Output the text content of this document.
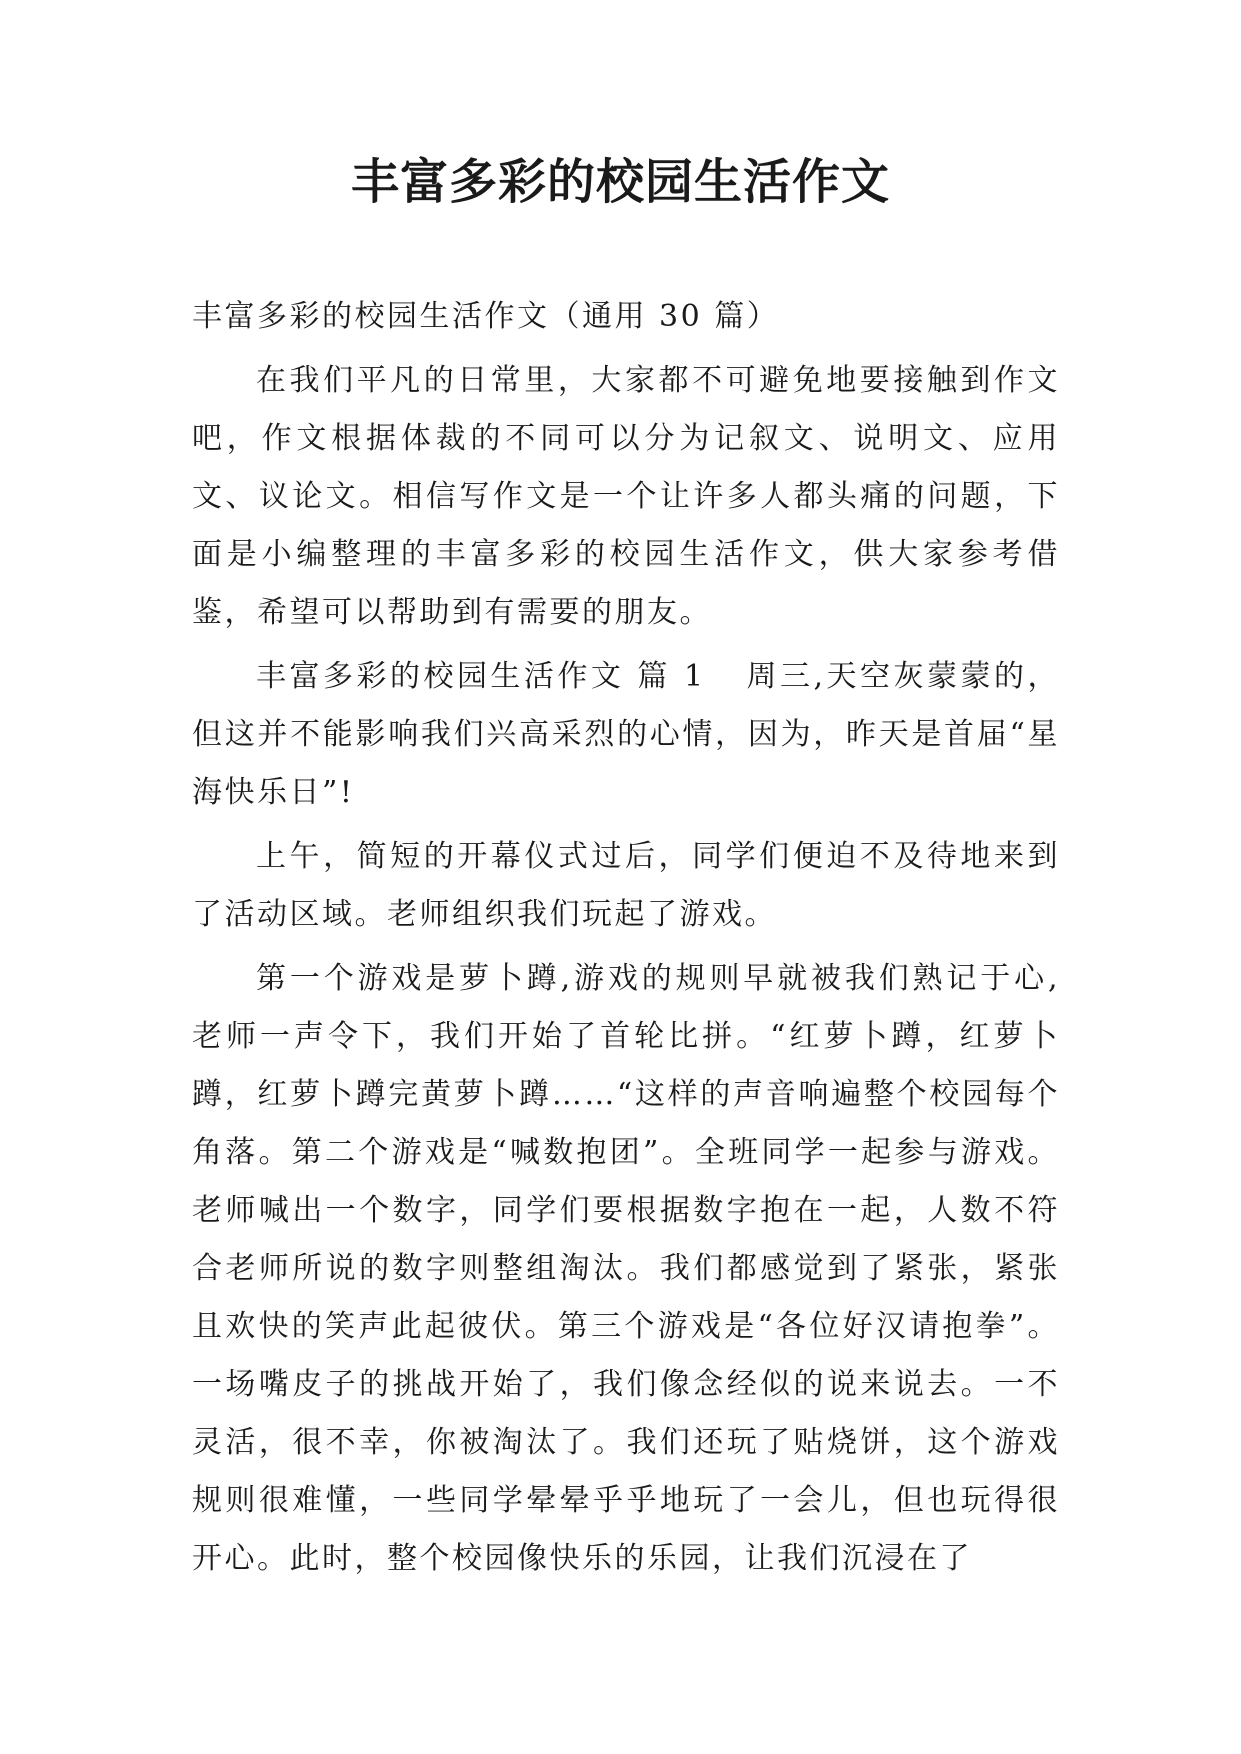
丰富多彩的校园生活作文

丰富多彩的校园生活作文（通用 30 篇）

在我们平凡的日常里，大家都不可避免地要接触到作文吧，作文根据体裁的不同可以分为记叙文、说明文、应用文、议论文。相信写作文是一个让许多人都头痛的问题，下面是小编整理的丰富多彩的校园生活作文，供大家参考借鉴，希望可以帮助到有需要的朋友。

丰富多彩的校园生活作文 篇 1 周三,天空灰蒙蒙的，但这并不能影响我们兴高采烈的心情，因为，昨天是首届“星海快乐日”!

上午，简短的开幕仪式过后，同学们便迫不及待地来到了活动区域。老师组织我们玩起了游戏。

第一个游戏是萝卜蹲,游戏的规则早就被我们熟记于心,老师一声令下，我们开始了首轮比拼。“红萝卜蹲，红萝卜蹲，红萝卜蹲完黄萝卜蹲……“这样的声音响遍整个校园每个角落。第二个游戏是“喊数抱团”。全班同学一起参与游戏。老师喊出一个数字，同学们要根据数字抱在一起，人数不符合老师所说的数字则整组淘汰。我们都感觉到了紧张，紧张且欢快的笑声此起彼伏。第三个游戏是“各位好汉请抱拳”。一场嘴皮子的挑战开始了，我们像念经似的说来说去。一不灵活，很不幸，你被淘汰了。我们还玩了贴烧饼，这个游戏规则很难懂，一些同学晕晕乎乎地玩了一会儿，但也玩得很开心。此时，整个校园像快乐的乐园，让我们沉浸在了
